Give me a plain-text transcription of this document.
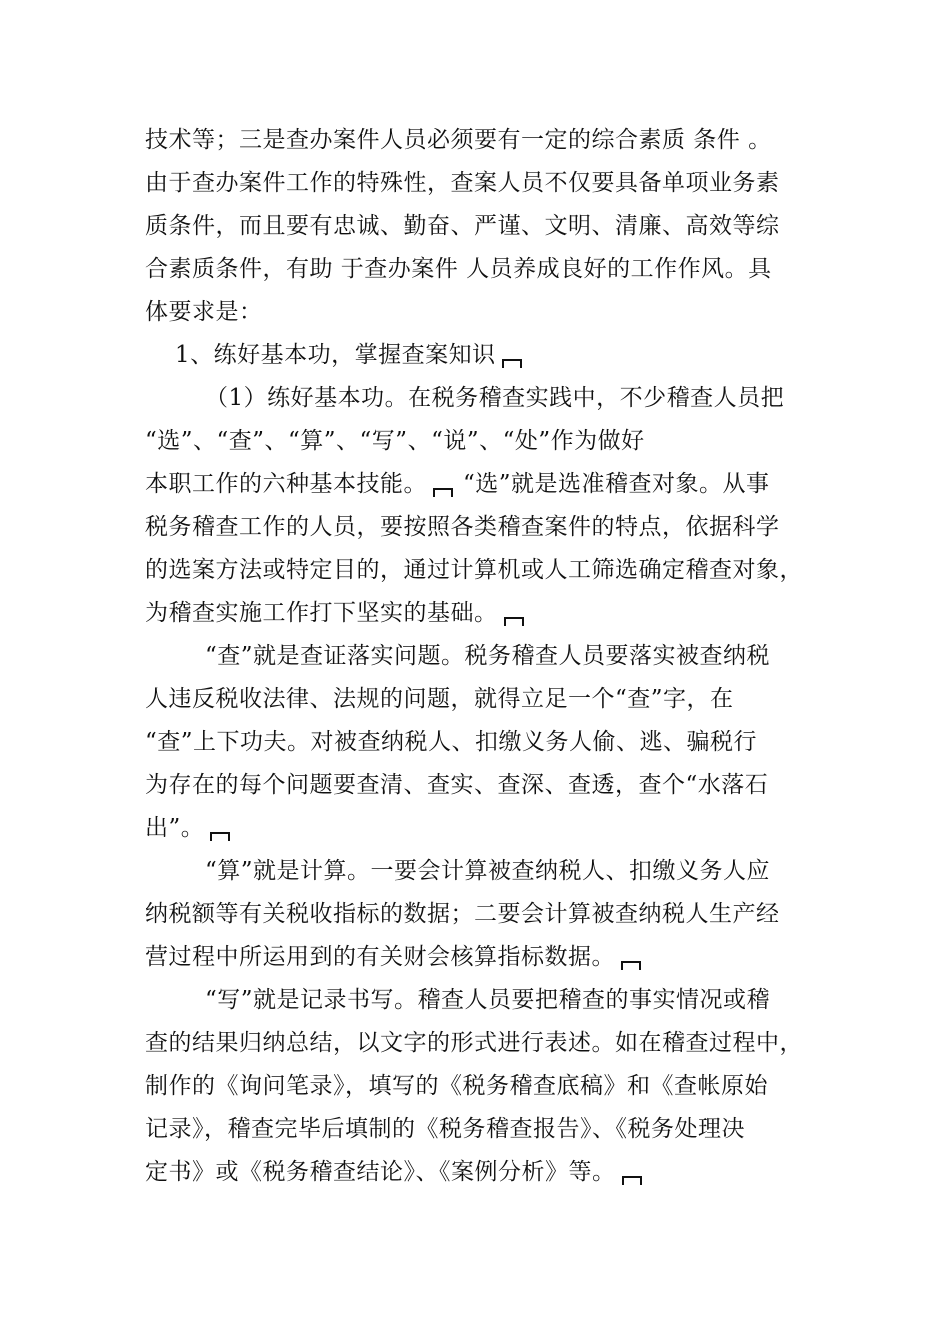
技术等；三是查办案件人员必须要有一定的综合素质 条件 。
由于查办案件工作的特殊性，查案人员不仅要具备单项业务素
质条件，而且要有忠诚、勤奋、严谨、文明、清廉、高效等综
合素质条件，有助 于查办案件 人员养成良好的工作作风。具
体要求是：
1、练好基本功，掌握查案知识
（1）练好基本功。在税务稽查实践中，不少稽查人员把
“选”、“查”、“算”、“写”、“说”、“处”作为做好
本职工作的六种基本技能。 “选”就是选准稽查对象。从事
税务稽查工作的人员，要按照各类稽查案件的特点，依据科学
的选案方法或特定目的，通过计算机或人工筛选确定稽查对象，
为稽查实施工作打下坚实的基础。
“查”就是查证落实问题。税务稽查人员要落实被查纳税
人违反税收法律、法规的问题，就得立足一个“查”字，在
“查”上下功夫。对被查纳税人、扣缴义务人偷、逃、骗税行
为存在的每个问题要查清、查实、查深、查透，查个“水落石
出”。
“算”就是计算。一要会计算被查纳税人、扣缴义务人应
纳税额等有关税收指标的数据；二要会计算被查纳税人生产经
营过程中所运用到的有关财会核算指标数据。
“写”就是记录书写。稽查人员要把稽查的事实情况或稽
查的结果归纳总结，以文字的形式进行表述。如在稽查过程中，
制作的《询问笔录》，填写的《税务稽查底稿》和《查帐原始
记录》，稽查完毕后填制的《税务稽查报告》、《税务处理决
定书》或《税务稽查结论》、《案例分析》等。
